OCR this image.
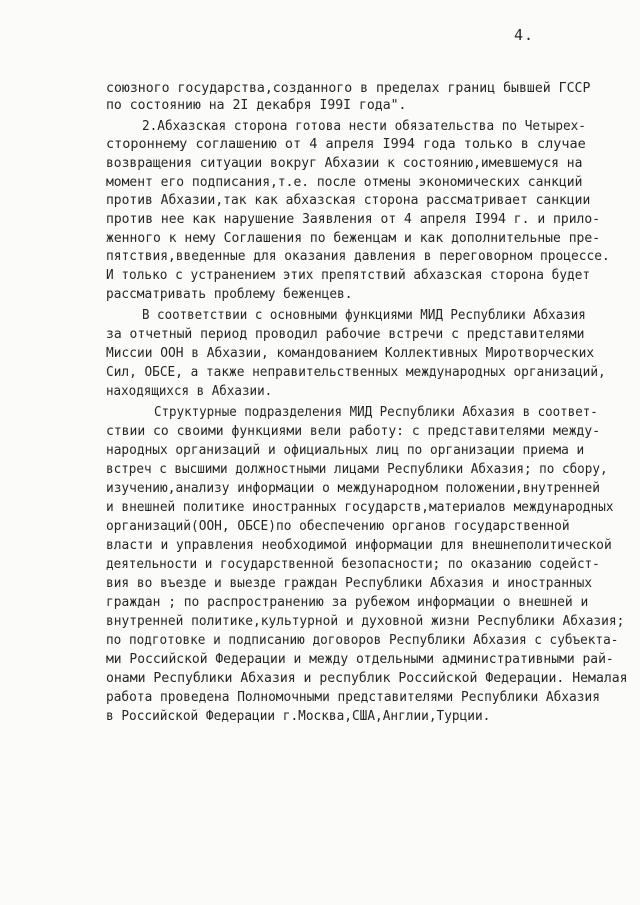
4.
союзного государства,созданного в пределах границ бывшей ГССР
по состоянию на 2I декабря I99I года".
2.Абхазская сторона готова нести обязательства по Четырех-
стороннему соглашению от 4 апреля I994 года только в случае
возвращения ситуации вокруг Абхазии к состоянию,имевшемуся на
момент его подписания,т.е. после отмены экономических санкций
против Абхазии,так как абхазская сторона рассматривает санкции
против нее как нарушение Заявления от 4 апреля I994 г. и прило-
женного к нему Соглашения по беженцам и как дополнительные пре-
пятствия,введенные для оказания давления в переговорном процессе.
И только с устранением этих препятствий абхазская сторона будет
рассматривать проблему беженцев.
В соответствии с основными функциями МИД Республики Абхазия
за отчетный период проводил рабочие встречи с представителями
Миссии ООН в Абхазии, командованием Коллективных Миротворческих
Сил, ОБСЕ, а также неправительственных международных организаций,
находящихся в Абхазии.
Структурные подразделения МИД Республики Абхазия в соответ-
ствии со своими функциями вели работу: с представителями между-
народных организаций и официальных лиц по организации приема и
встреч с высшими должностными лицами Республики Абхазия; по сбору,
изучению,анализу информации о международном положении,внутренней
и внешней политике иностранных государств,материалов международных
организаций(ООН, ОБСЕ)по обеспечению органов государственной
власти и управления необходимой информации для внешнеполитической
деятельности и государственной безопасности; по оказанию содейст-
вия во въезде и выезде граждан Республики Абхазия и иностранных
граждан ; по распространению за рубежом информации о внешней и
внутренней политике,культурной и духовной жизни Республики Абхазия;
по подготовке и подписанию договоров Республики Абхазия с субъекта-
ми Российской Федерации и между отдельными административными рай-
онами Республики Абхазия и республик Российской Федерации. Немалая
работа проведена Полномочными представителями Республики Абхазия
в Российской Федерации г.Москва,США,Англии,Турции.
